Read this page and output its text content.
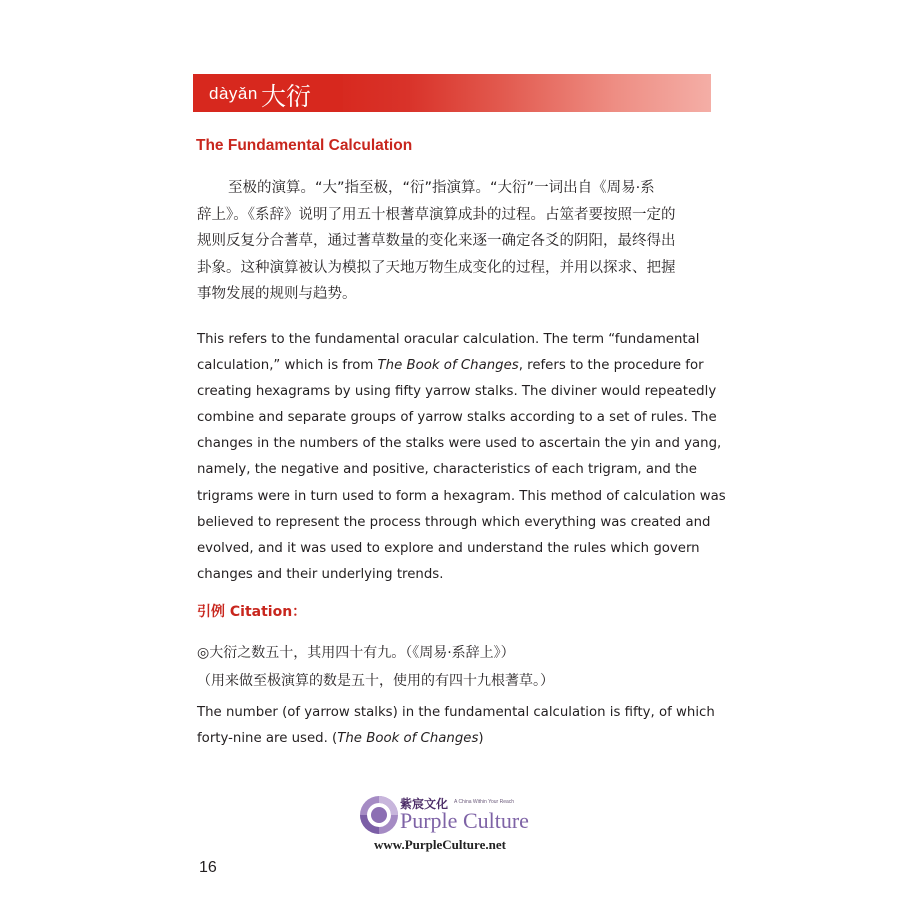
dàyǎn 大衍
The Fundamental Calculation
至极的演算。“大”指至极，“衍”指演算。“大衍”一词出自《周易·系
辞上》。《系辞》说明了用五十根蓍草演算成卦的过程。占筮者要按照一定的
规则反复分合蓍草，通过蓍草数量的变化来逐一确定各爻的阴阳，最终得出
卦象。这种演算被认为模拟了天地万物生成变化的过程，并用以探求、把握
事物发展的规则与趋势。
This refers to the fundamental oracular calculation. The term “fundamental
calculation,” which is from The Book of Changes, refers to the procedure for
creating hexagrams by using fifty yarrow stalks. The diviner would repeatedly
combine and separate groups of yarrow stalks according to a set of rules. The
changes in the numbers of the stalks were used to ascertain the yin and yang,
namely, the negative and positive, characteristics of each trigram, and the
trigrams were in turn used to form a hexagram. This method of calculation was
believed to represent the process through which everything was created and
evolved, and it was used to explore and understand the rules which govern
changes and their underlying trends.
引例 Citation：
◎大衍之数五十，其用四十有九。（《周易·系辞上》）
（用来做至极演算的数是五十，使用的有四十九根蓍草。）
The number (of yarrow stalks) in the fundamental calculation is fifty, of which
forty-nine are used. (The Book of Changes)
紫宸文化 A China Within Your Reach
Purple Culture
www.PurpleCulture.net
16
